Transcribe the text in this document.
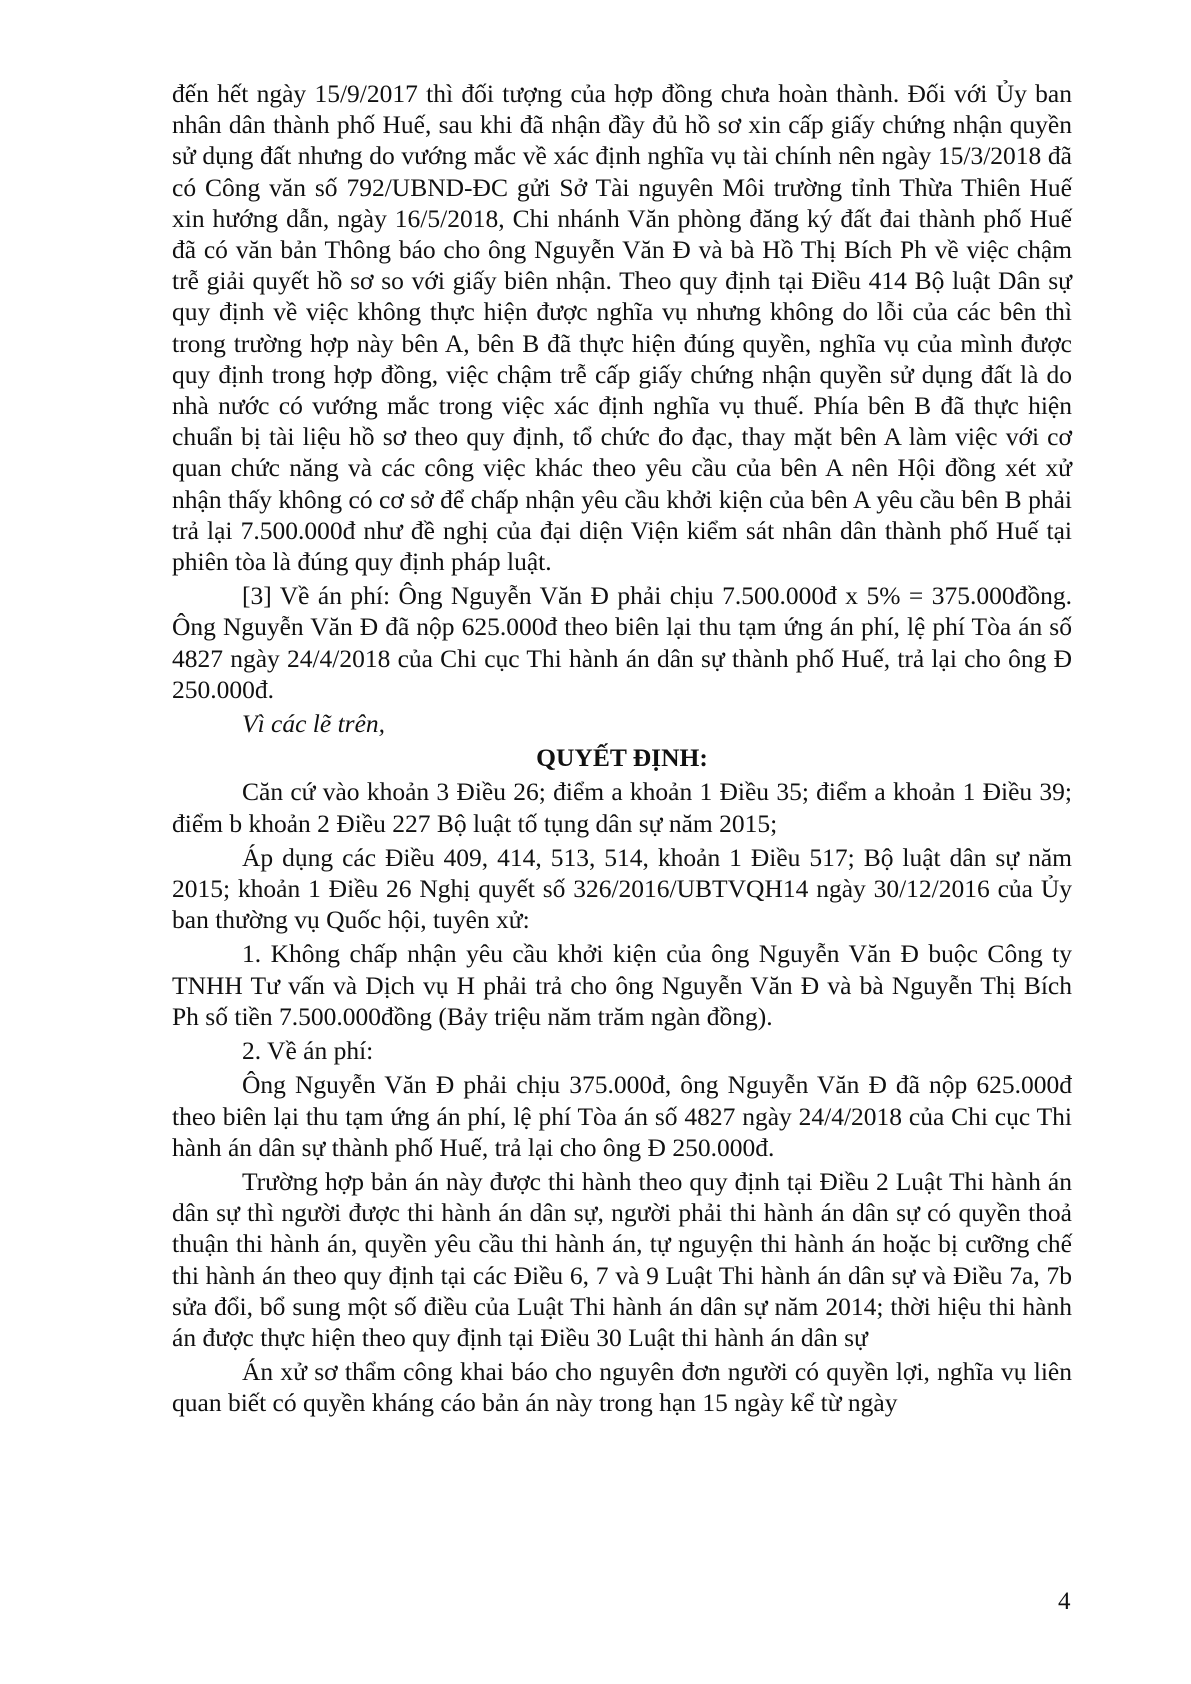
đến hết ngày 15/9/2017 thì đối tượng của hợp đồng chưa hoàn thành. Đối với Ủy ban nhân dân thành phố Huế, sau khi đã nhận đầy đủ hồ sơ xin cấp giấy chứng nhận quyền sử dụng đất nhưng do vướng mắc về xác định nghĩa vụ tài chính nên ngày 15/3/2018 đã có Công văn số 792/UBND-ĐC gửi Sở Tài nguyên Môi trường tỉnh Thừa Thiên Huế xin hướng dẫn, ngày 16/5/2018, Chi nhánh Văn phòng đăng ký đất đai thành phố Huế đã có văn bản Thông báo cho ông Nguyễn Văn Đ và bà Hồ Thị Bích Ph về việc chậm trễ giải quyết hồ sơ so với giấy biên nhận. Theo quy định tại Điều 414 Bộ luật Dân sự quy định về việc không thực hiện được nghĩa vụ nhưng không do lỗi của các bên thì trong trường hợp này bên A, bên B đã thực hiện đúng quyền, nghĩa vụ của mình được quy định trong hợp đồng, việc chậm trễ cấp giấy chứng nhận quyền sử dụng đất là do nhà nước có vướng mắc trong việc xác định nghĩa vụ thuế. Phía bên B đã thực hiện chuẩn bị tài liệu hồ sơ theo quy định, tổ chức đo đạc, thay mặt bên A làm việc với cơ quan chức năng và các công việc khác theo yêu cầu của bên A nên Hội đồng xét xử nhận thấy không có cơ sở để chấp nhận yêu cầu khởi kiện của bên A yêu cầu bên B phải trả lại 7.500.000đ như đề nghị của đại diện Viện kiểm sát nhân dân thành phố Huế tại phiên tòa là đúng quy định pháp luật.

[3] Về án phí: Ông Nguyễn Văn Đ phải chịu 7.500.000đ x 5% = 375.000đồng. Ông Nguyễn Văn Đ đã nộp 625.000đ theo biên lại thu tạm ứng án phí, lệ phí Tòa án số 4827 ngày 24/4/2018 của Chi cục Thi hành án dân sự thành phố Huế, trả lại cho ông Đ 250.000đ.

Vì các lẽ trên,

QUYẾT ĐỊNH:

Căn cứ vào khoản 3 Điều 26; điểm a khoản 1 Điều 35; điểm a khoản 1 Điều 39; điểm b khoản 2 Điều 227 Bộ luật tố tụng dân sự năm 2015;

Áp dụng các Điều 409, 414, 513, 514, khoản 1 Điều 517; Bộ luật dân sự năm 2015; khoản 1 Điều 26 Nghị quyết số 326/2016/UBTVQH14 ngày 30/12/2016 của Ủy ban thường vụ Quốc hội, tuyên xử:

1. Không chấp nhận yêu cầu khởi kiện của ông Nguyễn Văn Đ buộc Công ty TNHH Tư vấn và Dịch vụ H phải trả cho ông Nguyễn Văn Đ và bà Nguyễn Thị Bích Ph số tiền 7.500.000đồng (Bảy triệu năm trăm ngàn đồng).

2. Về án phí:

Ông Nguyễn Văn Đ phải chịu 375.000đ, ông Nguyễn Văn Đ đã nộp 625.000đ theo biên lại thu tạm ứng án phí, lệ phí Tòa án số 4827 ngày 24/4/2018 của Chi cục Thi hành án dân sự thành phố Huế, trả lại cho ông Đ 250.000đ.

Trường hợp bản án này được thi hành theo quy định tại Điều 2 Luật Thi hành án dân sự thì người được thi hành án dân sự, người phải thi hành án dân sự có quyền thoả thuận thi hành án, quyền yêu cầu thi hành án, tự nguyện thi hành án hoặc bị cưỡng chế thi hành án theo quy định tại các Điều 6, 7 và 9 Luật Thi hành án dân sự và Điều 7a, 7b sửa đổi, bổ sung một số điều của Luật Thi hành án dân sự năm 2014; thời hiệu thi hành án được thực hiện theo quy định tại Điều 30 Luật thi hành án dân sự

Án xử sơ thẩm công khai báo cho nguyên đơn người có quyền lợi, nghĩa vụ liên quan biết có quyền kháng cáo bản án này trong hạn 15 ngày kể từ ngày

4
